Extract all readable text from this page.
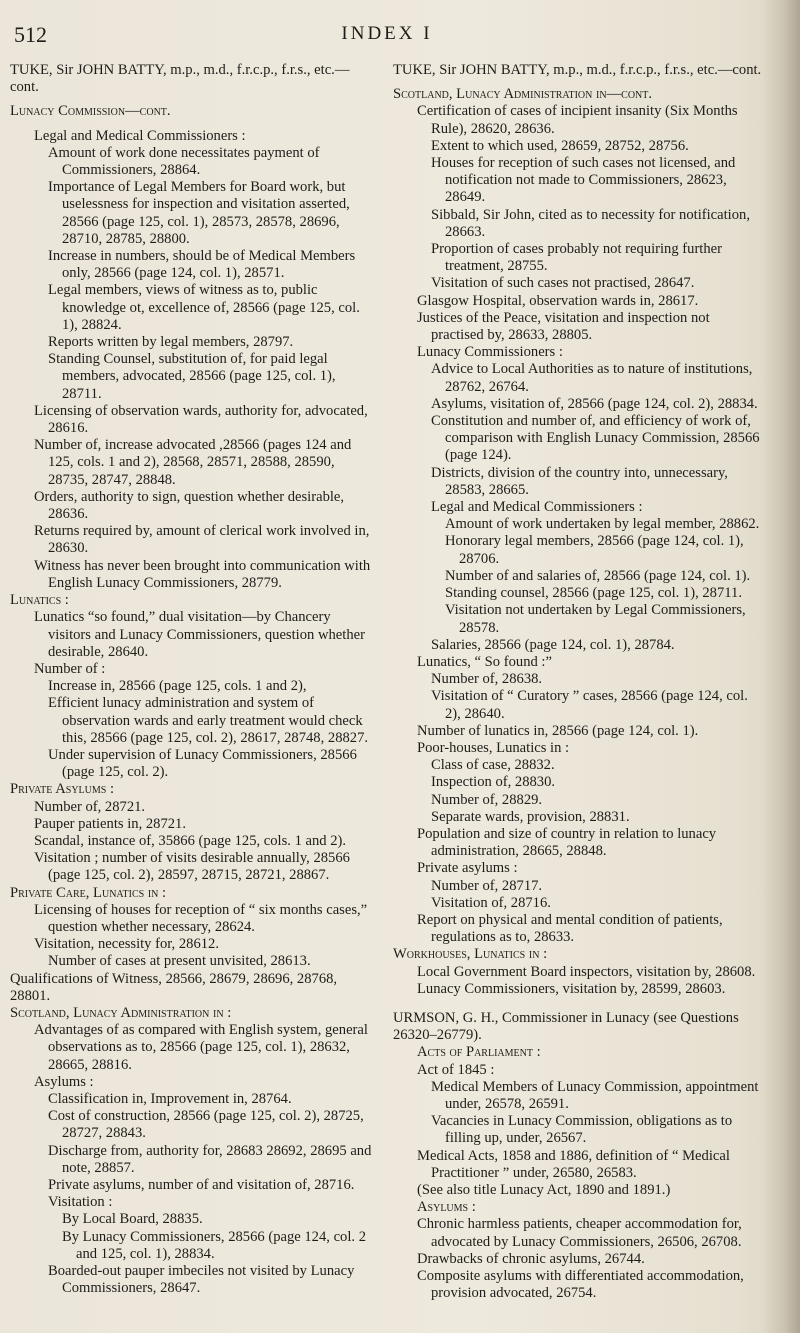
512	INDEX I
TUKE, Sir JOHN BATTY, m.p., m.d., f.r.c.p., f.r.s., etc.—cont.
Lunacy Commission—cont.
Legal and Medical Commissioners :
Amount of work done necessitates payment of Commissioners, 28864.
Importance of Legal Members for Board work, but uselessness for inspection and visitation asserted, 28566 (page 125, col. 1), 28573, 28578, 28696, 28710, 28785, 28800.
Increase in numbers, should be of Medical Members only, 28566 (page 124, col. 1), 28571.
Legal members, views of witness as to, public knowledge ot, excellence of, 28566 (page 125, col. 1), 28824.
Reports written by legal members, 28797.
Standing Counsel, substitution of, for paid legal members, advocated, 28566 (page 125, col. 1), 28711.
Licensing of observation wards, authority for, advocated, 28616.
Number of, increase advocated ,28566 (pages 124 and 125, cols. 1 and 2), 28568, 28571, 28588, 28590, 28735, 28747, 28848.
Orders, authority to sign, question whether desirable, 28636.
Returns required by, amount of clerical work involved in, 28630.
Witness has never been brought into communication with English Lunacy Commissioners, 28779.
Lunatics :
Lunatics “so found,” dual visitation—by Chancery visitors and Lunacy Commissioners, question whether desirable, 28640.
Number of :
Increase in, 28566 (page 125, cols. 1 and 2),
Efficient lunacy administration and system of observation wards and early treatment would check this, 28566 (page 125, col. 2), 28617, 28748, 28827.
Under supervision of Lunacy Commissioners, 28566 (page 125, col. 2).
Private Asylums :
Number of, 28721.
Pauper patients in, 28721.
Scandal, instance of, 35866 (page 125, cols. 1 and 2).
Visitation ; number of visits desirable annually, 28566 (page 125, col. 2), 28597, 28715, 28721, 28867.
Private Care, Lunatics in :
Licensing of houses for reception of “ six months cases,” question whether necessary, 28624.
Visitation, necessity for, 28612.
Number of cases at present unvisited, 28613.
Qualifications of Witness, 28566, 28679, 28696, 28768, 28801.
Scotland, Lunacy Administration in :
Advantages of as compared with English system, general observations as to, 28566 (page 125, col. 1), 28632, 28665, 28816.
Asylums :
Classification in, Improvement in, 28764.
Cost of construction, 28566 (page 125, col. 2), 28725, 28727, 28843.
Discharge from, authority for, 28683 28692, 28695 and note, 28857.
Private asylums, number of and visitation of, 28716.
Visitation :
By Local Board, 28835.
By Lunacy Commissioners, 28566 (page 124, col. 2 and 125, col. 1), 28834.
Boarded-out pauper imbeciles not visited by Lunacy Commissioners, 28647.
TUKE, Sir JOHN BATTY, m.p., m.d., f.r.c.p., f.r.s., etc.—cont.
Scotland, Lunacy Administration in—cont.
Certification of cases of incipient insanity (Six Months Rule), 28620, 28636.
Extent to which used, 28659, 28752, 28756.
Houses for reception of such cases not licensed, and notification not made to Commissioners, 28623, 28649.
Sibbald, Sir John, cited as to necessity for notification, 28663.
Proportion of cases probably not requiring further treatment, 28755.
Visitation of such cases not practised, 28647.
Glasgow Hospital, observation wards in, 28617.
Justices of the Peace, visitation and inspection not practised by, 28633, 28805.
Lunacy Commissioners :
Advice to Local Authorities as to nature of institutions, 28762, 26764.
Asylums, visitation of, 28566 (page 124, col. 2), 28834.
Constitution and number of, and efficiency of work of, comparison with English Lunacy Commission, 28566 (page 124).
Districts, division of the country into, unnecessary, 28583, 28665.
Legal and Medical Commissioners :
Amount of work undertaken by legal member, 28862.
Honorary legal members, 28566 (page 124, col. 1), 28706.
Number of and salaries of, 28566 (page 124, col. 1).
Standing counsel, 28566 (page 125, col. 1), 28711.
Visitation not undertaken by Legal Commissioners, 28578.
Salaries, 28566 (page 124, col. 1), 28784.
Lunatics, “ So found :”
Number of, 28638.
Visitation of “ Curatory ” cases, 28566 (page 124, col. 2), 28640.
Number of lunatics in, 28566 (page 124, col. 1).
Poor-houses, Lunatics in :
Class of case, 28832.
Inspection of, 28830.
Number of, 28829.
Separate wards, provision, 28831.
Population and size of country in relation to lunacy administration, 28665, 28848.
Private asylums :
Number of, 28717.
Visitation of, 28716.
Report on physical and mental condition of patients, regulations as to, 28633.
Workhouses, Lunatics in :
Local Government Board inspectors, visitation by, 28608.
Lunacy Commissioners, visitation by, 28599, 28603.
URMSON, G. H., Commissioner in Lunacy (see Questions 26320–26779).
Acts of Parliament :
Act of 1845 :
Medical Members of Lunacy Commission, appointment under, 26578, 26591.
Vacancies in Lunacy Commission, obligations as to filling up, under, 26567.
Medical Acts, 1858 and 1886, definition of “ Medical Practitioner ” under, 26580, 26583.
(See also title Lunacy Act, 1890 and 1891.)
Asylums :
Chronic harmless patients, cheaper accommodation for, advocated by Lunacy Commissioners, 26506, 26708.
Drawbacks of chronic asylums, 26744.
Composite asylums with differentiated accommodation, provision advocated, 26754.
